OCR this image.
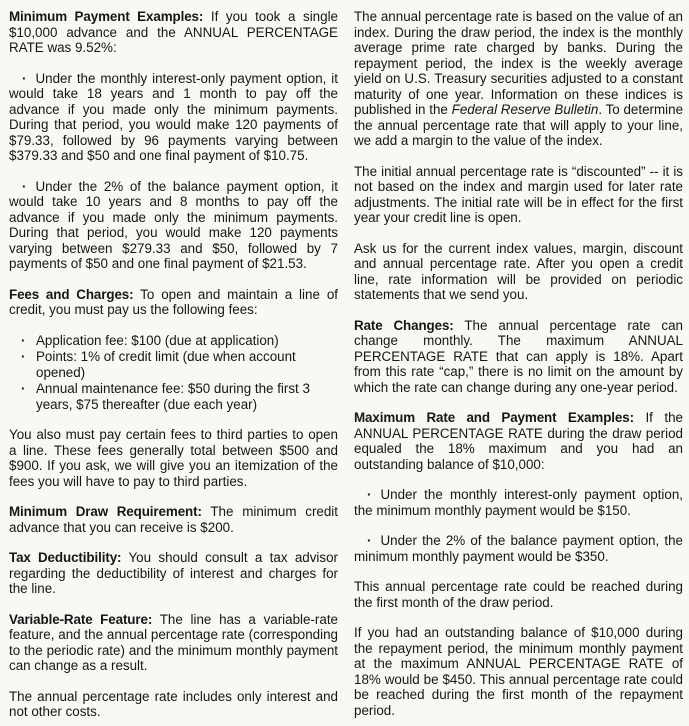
Minimum Payment Examples: If you took a single $10,000 advance and the ANNUAL PERCENTAGE RATE was 9.52%:

· Under the monthly interest-only payment option, it would take 18 years and 1 month to pay off the advance if you made only the minimum payments. During that period, you would make 120 payments of $79.33, followed by 96 payments varying between $379.33 and $50 and one final payment of $10.75.

· Under the 2% of the balance payment option, it would take 10 years and 8 months to pay off the advance if you made only the minimum payments. During that period, you would make 120 payments varying between $279.33 and $50, followed by 7 payments of $50 and one final payment of $21.53.

Fees and Charges: To open and maintain a line of credit, you must pay us the following fees:

· Application fee: $100 (due at application)

· Points: 1% of credit limit (due when account opened)

· Annual maintenance fee: $50 during the first 3 years, $75 thereafter (due each year)

You also must pay certain fees to third parties to open a line. These fees generally total between $500 and $900. If you ask, we will give you an itemization of the fees you will have to pay to third parties.

Minimum Draw Requirement: The minimum credit advance that you can receive is $200.

Tax Deductibility: You should consult a tax advisor regarding the deductibility of interest and charges for the line.

Variable-Rate Feature: The line has a variable-rate feature, and the annual percentage rate (corresponding to the periodic rate) and the minimum monthly payment can change as a result.

The annual percentage rate includes only interest and not other costs.

The annual percentage rate is based on the value of an index. During the draw period, the index is the monthly average prime rate charged by banks. During the repayment period, the index is the weekly average yield on U.S. Treasury securities adjusted to a constant maturity of one year. Information on these indices is published in the Federal Reserve Bulletin. To determine the annual percentage rate that will apply to your line, we add a margin to the value of the index.

The initial annual percentage rate is “discounted” -- it is not based on the index and margin used for later rate adjustments. The initial rate will be in effect for the first year your credit line is open.

Ask us for the current index values, margin, discount and annual percentage rate. After you open a credit line, rate information will be provided on periodic statements that we send you.

Rate Changes: The annual percentage rate can change monthly. The maximum ANNUAL PERCENTAGE RATE that can apply is 18%. Apart from this rate “cap,” there is no limit on the amount by which the rate can change during any one-year period.

Maximum Rate and Payment Examples: If the ANNUAL PERCENTAGE RATE during the draw period equaled the 18% maximum and you had an outstanding balance of $10,000:

· Under the monthly interest-only payment option, the minimum monthly payment would be $150.

· Under the 2% of the balance payment option, the minimum monthly payment would be $350.

This annual percentage rate could be reached during the first month of the draw period.

If you had an outstanding balance of $10,000 during the repayment period, the minimum monthly payment at the maximum ANNUAL PERCENTAGE RATE of 18% would be $450. This annual percentage rate could be reached during the first month of the repayment period.
